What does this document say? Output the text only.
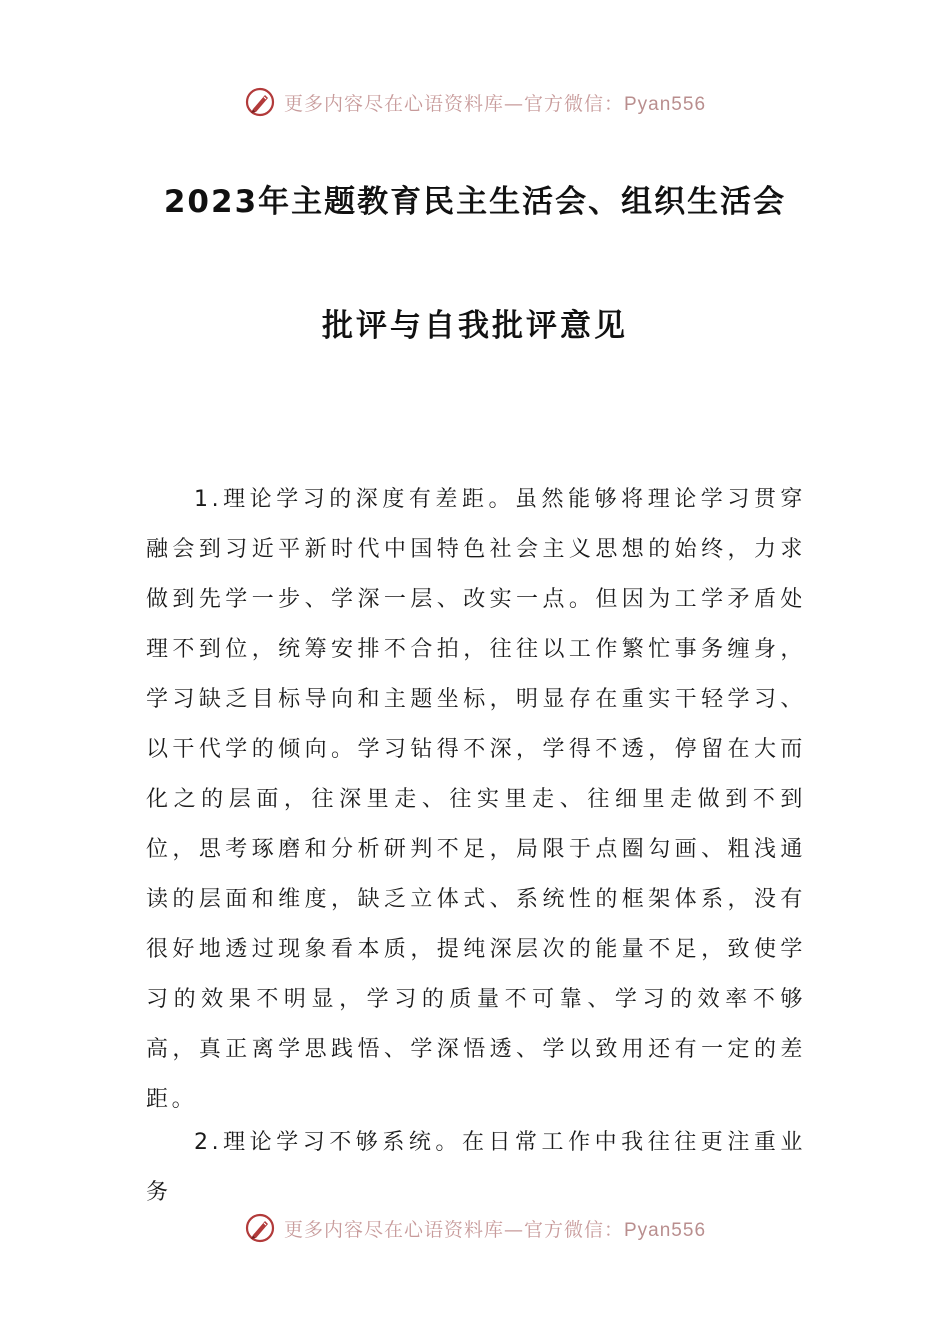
更多内容尽在心语资料库—官方微信：Pyan556
2023年主题教育民主生活会、组织生活会
批评与自我批评意见

1.理论学习的深度有差距。虽然能够将理论学习贯穿融会到习近平新时代中国特色社会主义思想的始终，力求做到先学一步、学深一层、改实一点。但因为工学矛盾处理不到位，统筹安排不合拍，往往以工作繁忙事务缠身，学习缺乏目标导向和主题坐标，明显存在重实干轻学习、以干代学的倾向。学习钻得不深，学得不透，停留在大而化之的层面，往深里走、往实里走、往细里走做到不到位，思考琢磨和分析研判不足，局限于点圈勾画、粗浅通读的层面和维度，缺乏立体式、系统性的框架体系，没有很好地透过现象看本质，提纯深层次的能量不足，致使学习的效果不明显，学习的质量不可靠、学习的效率不够高，真正离学思践悟、学深悟透、学以致用还有一定的差距。

2.理论学习不够系统。在日常工作中我往往更注重业务

更多内容尽在心语资料库—官方微信：Pyan556
